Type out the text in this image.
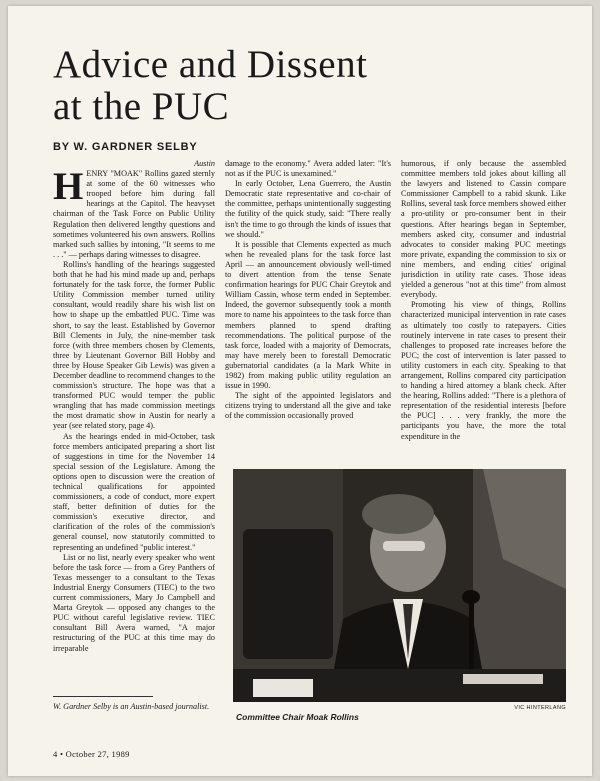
Advice and Dissent
at the PUC

BY W. GARDNER SELBY

Austin

HENRY "MOAK" Rollins gazed sternly at some of the 60 witnesses who trooped before him during fall hearings at the Capitol. The heavyset chairman of the Task Force on Public Utility Regulation then delivered lengthy questions and sometimes volunteered his own answers. Rollins marked such sallies by intoning, "It seems to me . . ." — perhaps daring witnesses to disagree.

Rollins's handling of the hearings suggested both that he had his mind made up and, perhaps fortunately for the task force, the former Public Utility Commission member turned utility consultant, would readily share his wish list on how to shape up the embattled PUC. Time was short, to say the least. Established by Governor Bill Clements in July, the nine-member task force (with three members chosen by Clements, three by Lieutenant Governor Bill Hobby and three by House Speaker Gib Lewis) was given a December deadline to recommend changes to the commission's structure. The hope was that a transformed PUC would temper the public wrangling that has made commission meetings the most dramatic show in Austin for nearly a year (see related story, page 4).

As the hearings ended in mid-October, task force members anticipated preparing a short list of suggestions in time for the November 14 special session of the Legislature. Among the options open to discussion were the creation of technical qualifications for appointed commissioners, a code of conduct, more expert staff, better definition of duties for the commission's executive director, and clarification of the roles of the commission's general counsel, now statutorily committed to representing an undefined "public interest."

List or no list, nearly every speaker who went before the task force — from a Grey Panthers of Texas messenger to a consultant to the Texas Industrial Energy Consumers (TIEC) to the two current commissioners, Mary Jo Campbell and Marta Greytok — opposed any changes to the PUC without careful legislative review. TIEC consultant Bill Avera warned, "A major restructuring of the PUC at this time may do irreparable

damage to the economy." Avera added later: "It's not as if the PUC is unexamined."

In early October, Lena Guerrero, the Austin Democratic state representative and co-chair of the committee, perhaps unintentionally suggesting the futility of the quick study, said: "There really isn't the time to go through the kinds of issues that we should."

It is possible that Clements expected as much when he revealed plans for the task force last April — an announcement obviously well-timed to divert attention from the tense Senate confirmation hearings for PUC Chair Greytok and William Cassin, whose term ended in September. Indeed, the governor subsequently took a month more to name his appointees to the task force than members planned to spend drafting recommendations. The political purpose of the task force, loaded with a majority of Democrats, may have merely been to forestall Democratic gubernatorial candidates (a la Mark White in 1982) from making public utility regulation an issue in 1990.

The sight of the appointed legislators and citizens trying to understand all the give and take of the commission occasionally proved

humorous, if only because the assembled committee members told jokes about killing all the lawyers and listened to Cassin compare Commissioner Campbell to a rabid skunk. Like Rollins, several task force members showed either a pro-utility or pro-consumer bent in their questions. After hearings began in September, members asked city, consumer and industrial advocates to consider making PUC meetings more private, expanding the commission to six or nine members, and ending cities' original jurisdiction in utility rate cases. Those ideas yielded a generous "not at this time" from almost everybody.

Promoting his view of things, Rollins characterized municipal intervention in rate cases as ultimately too costly to ratepayers. Cities routinely intervene in rate cases to present their challenges to proposed rate increases before the PUC; the cost of intervention is later passed to utility customers in each city. Speaking to that arrangement, Rollins compared city participation to handing a hired attorney a blank check. After the hearing, Rollins added: "There is a plethora of representation of the residential interests [before the PUC] . . . very frankly, the more the participants you have, the more the total expenditure in the

VIC HINTERLANG
Committee Chair Moak Rollins
W. Gardner Selby is an Austin-based journalist.
4 • October 27, 1989
